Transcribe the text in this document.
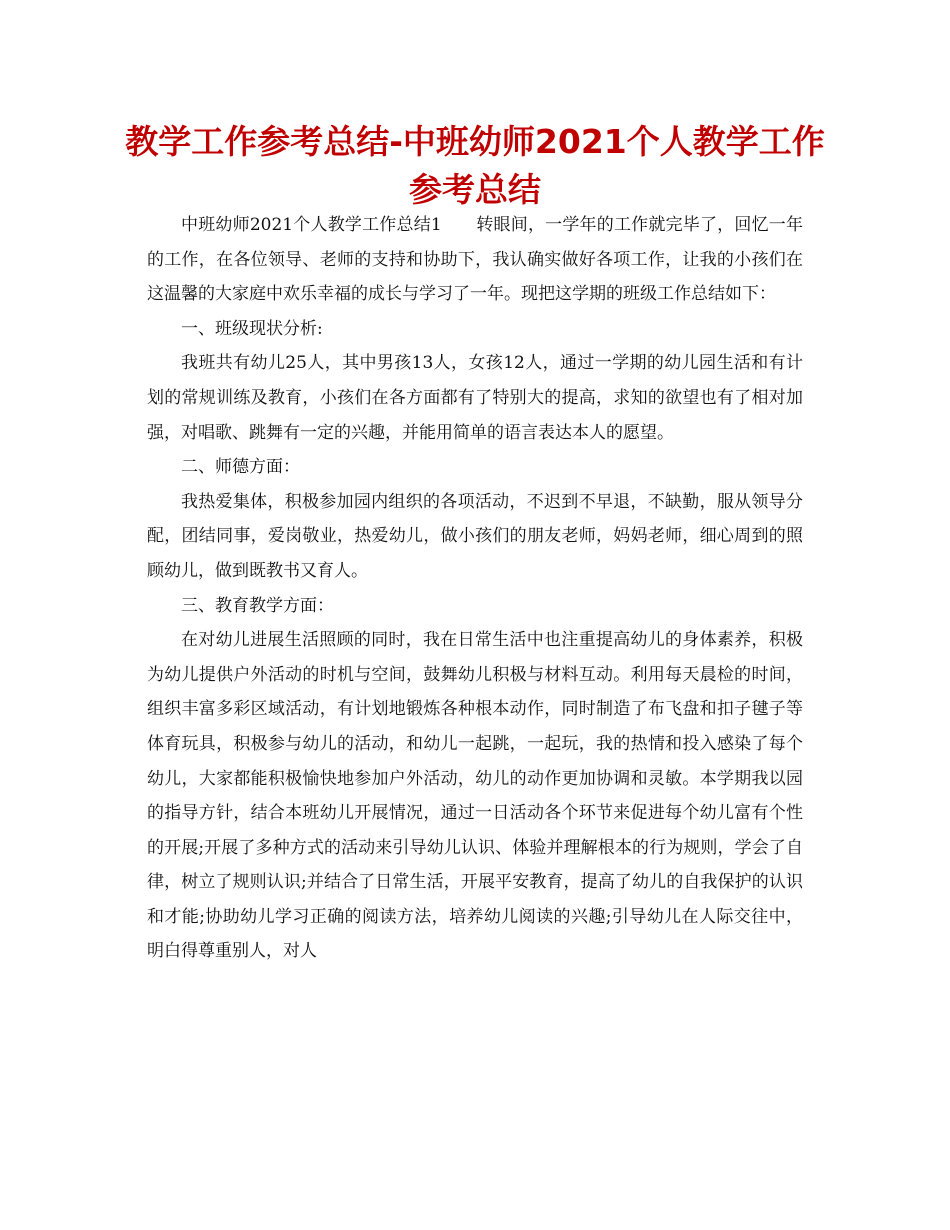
教学工作参考总结-中班幼师2021个人教学工作参考总结

中班幼师2021个人教学工作总结1　　转眼间，一学年的工作就完毕了，回忆一年的工作，在各位领导、老师的支持和协助下，我认确实做好各项工作，让我的小孩们在这温馨的大家庭中欢乐幸福的成长与学习了一年。现把这学期的班级工作总结如下：

一、班级现状分析:

我班共有幼儿25人，其中男孩13人，女孩12人，通过一学期的幼儿园生活和有计划的常规训练及教育，小孩们在各方面都有了特别大的提高，求知的欲望也有了相对加强，对唱歌、跳舞有一定的兴趣，并能用简单的语言表达本人的愿望。

二、师德方面：

我热爱集体，积极参加园内组织的各项活动，不迟到不早退，不缺勤，服从领导分配，团结同事，爱岗敬业，热爱幼儿，做小孩们的朋友老师，妈妈老师，细心周到的照顾幼儿，做到既教书又育人。

三、教育教学方面：

在对幼儿进展生活照顾的同时，我在日常生活中也注重提高幼儿的身体素养，积极为幼儿提供户外活动的时机与空间，鼓舞幼儿积极与材料互动。利用每天晨检的时间，组织丰富多彩区域活动，有计划地锻炼各种根本动作，同时制造了布飞盘和扣子毽子等体育玩具，积极参与幼儿的活动，和幼儿一起跳，一起玩，我的热情和投入感染了每个幼儿，大家都能积极愉快地参加户外活动，幼儿的动作更加协调和灵敏。本学期我以园的指导方针，结合本班幼儿开展情况，通过一日活动各个环节来促进每个幼儿富有个性的开展;开展了多种方式的活动来引导幼儿认识、体验并理解根本的行为规则，学会了自律，树立了规则认识;并结合了日常生活，开展平安教育，提高了幼儿的自我保护的认识和才能;协助幼儿学习正确的阅读方法，培养幼儿阅读的兴趣;引导幼儿在人际交往中，明白得尊重别人，对人
